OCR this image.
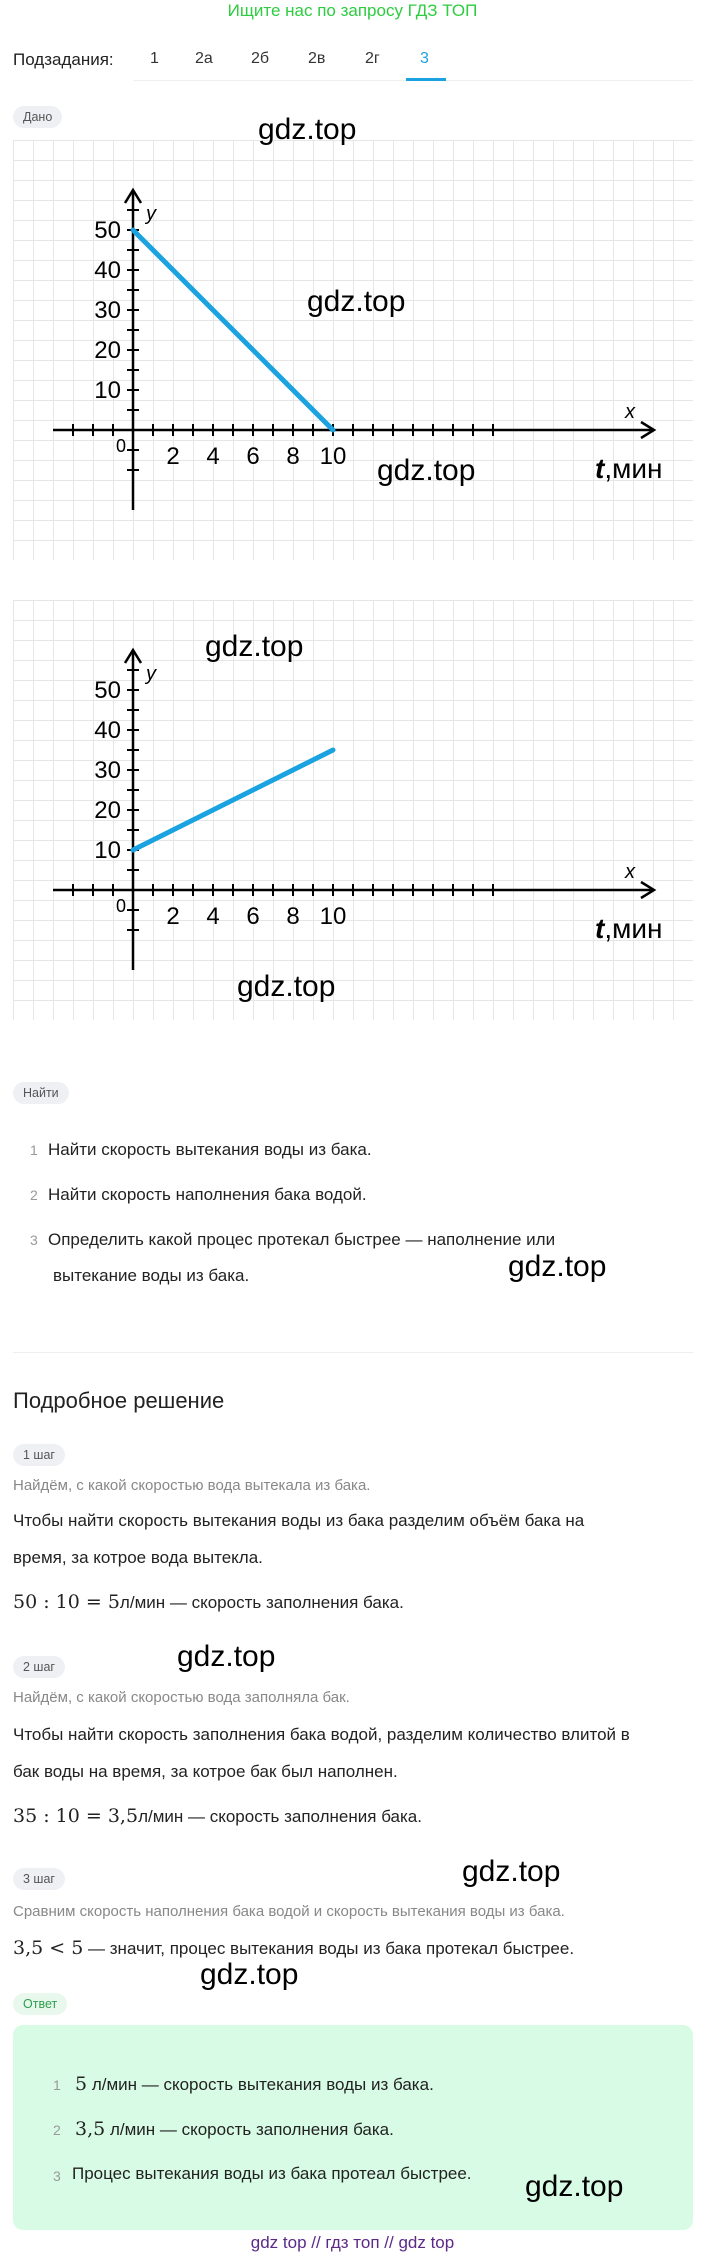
Ищите нас по запросу ГДЗ ТОП
Подзадания: 1 2а 2б 2в 2г	3
Дано
10
20
30
40
50
2 4 6 8 10
0
y
x
t,мин
10
20
30
40
50
2 4 6 8 10
0
y
x
t,мин
gdz.top
gdz.top
gdz.top
gdz.top
gdz.top
Найти
1 Найти скорость вытекания воды из бака.
2 Найти скорость наполнения бака водой.
3 Определить какой процес протекал быстрее — наполнение или
вытекание воды из бака.	gdz.top
Подробное решение
1 шаг
Найдём, с какой скоростью вода вытекала из бака.
Чтобы найти скорость вытекания воды из бака разделим объём бака на
время, за котрое вода вытекла.
50 : 10 = 5л/мин — скорость заполнения бака.
2 шаг	gdz.top
Найдём, с какой скоростью вода заполняла бак.
Чтобы найти скорость заполнения бака водой, разделим количество влитой в
бак воды на время, за котрое бак был наполнен.
35 : 10 = 3,5л/мин — скорость заполнения бака.
3 шаг	gdz.top
Сравним скорость наполнения бака водой и скорость вытекания воды из бака.
3,5 < 5 — значит, процес вытекания воды из бака протекал быстрее.
gdz.top
Ответ
1 5 л/мин — скорость вытекания воды из бака.
2 3,5 л/мин — скорость заполнения бака.
3 Процес вытекания воды из бака протеал быстрее. gdz.top
gdz top // гдз топ // gdz top
